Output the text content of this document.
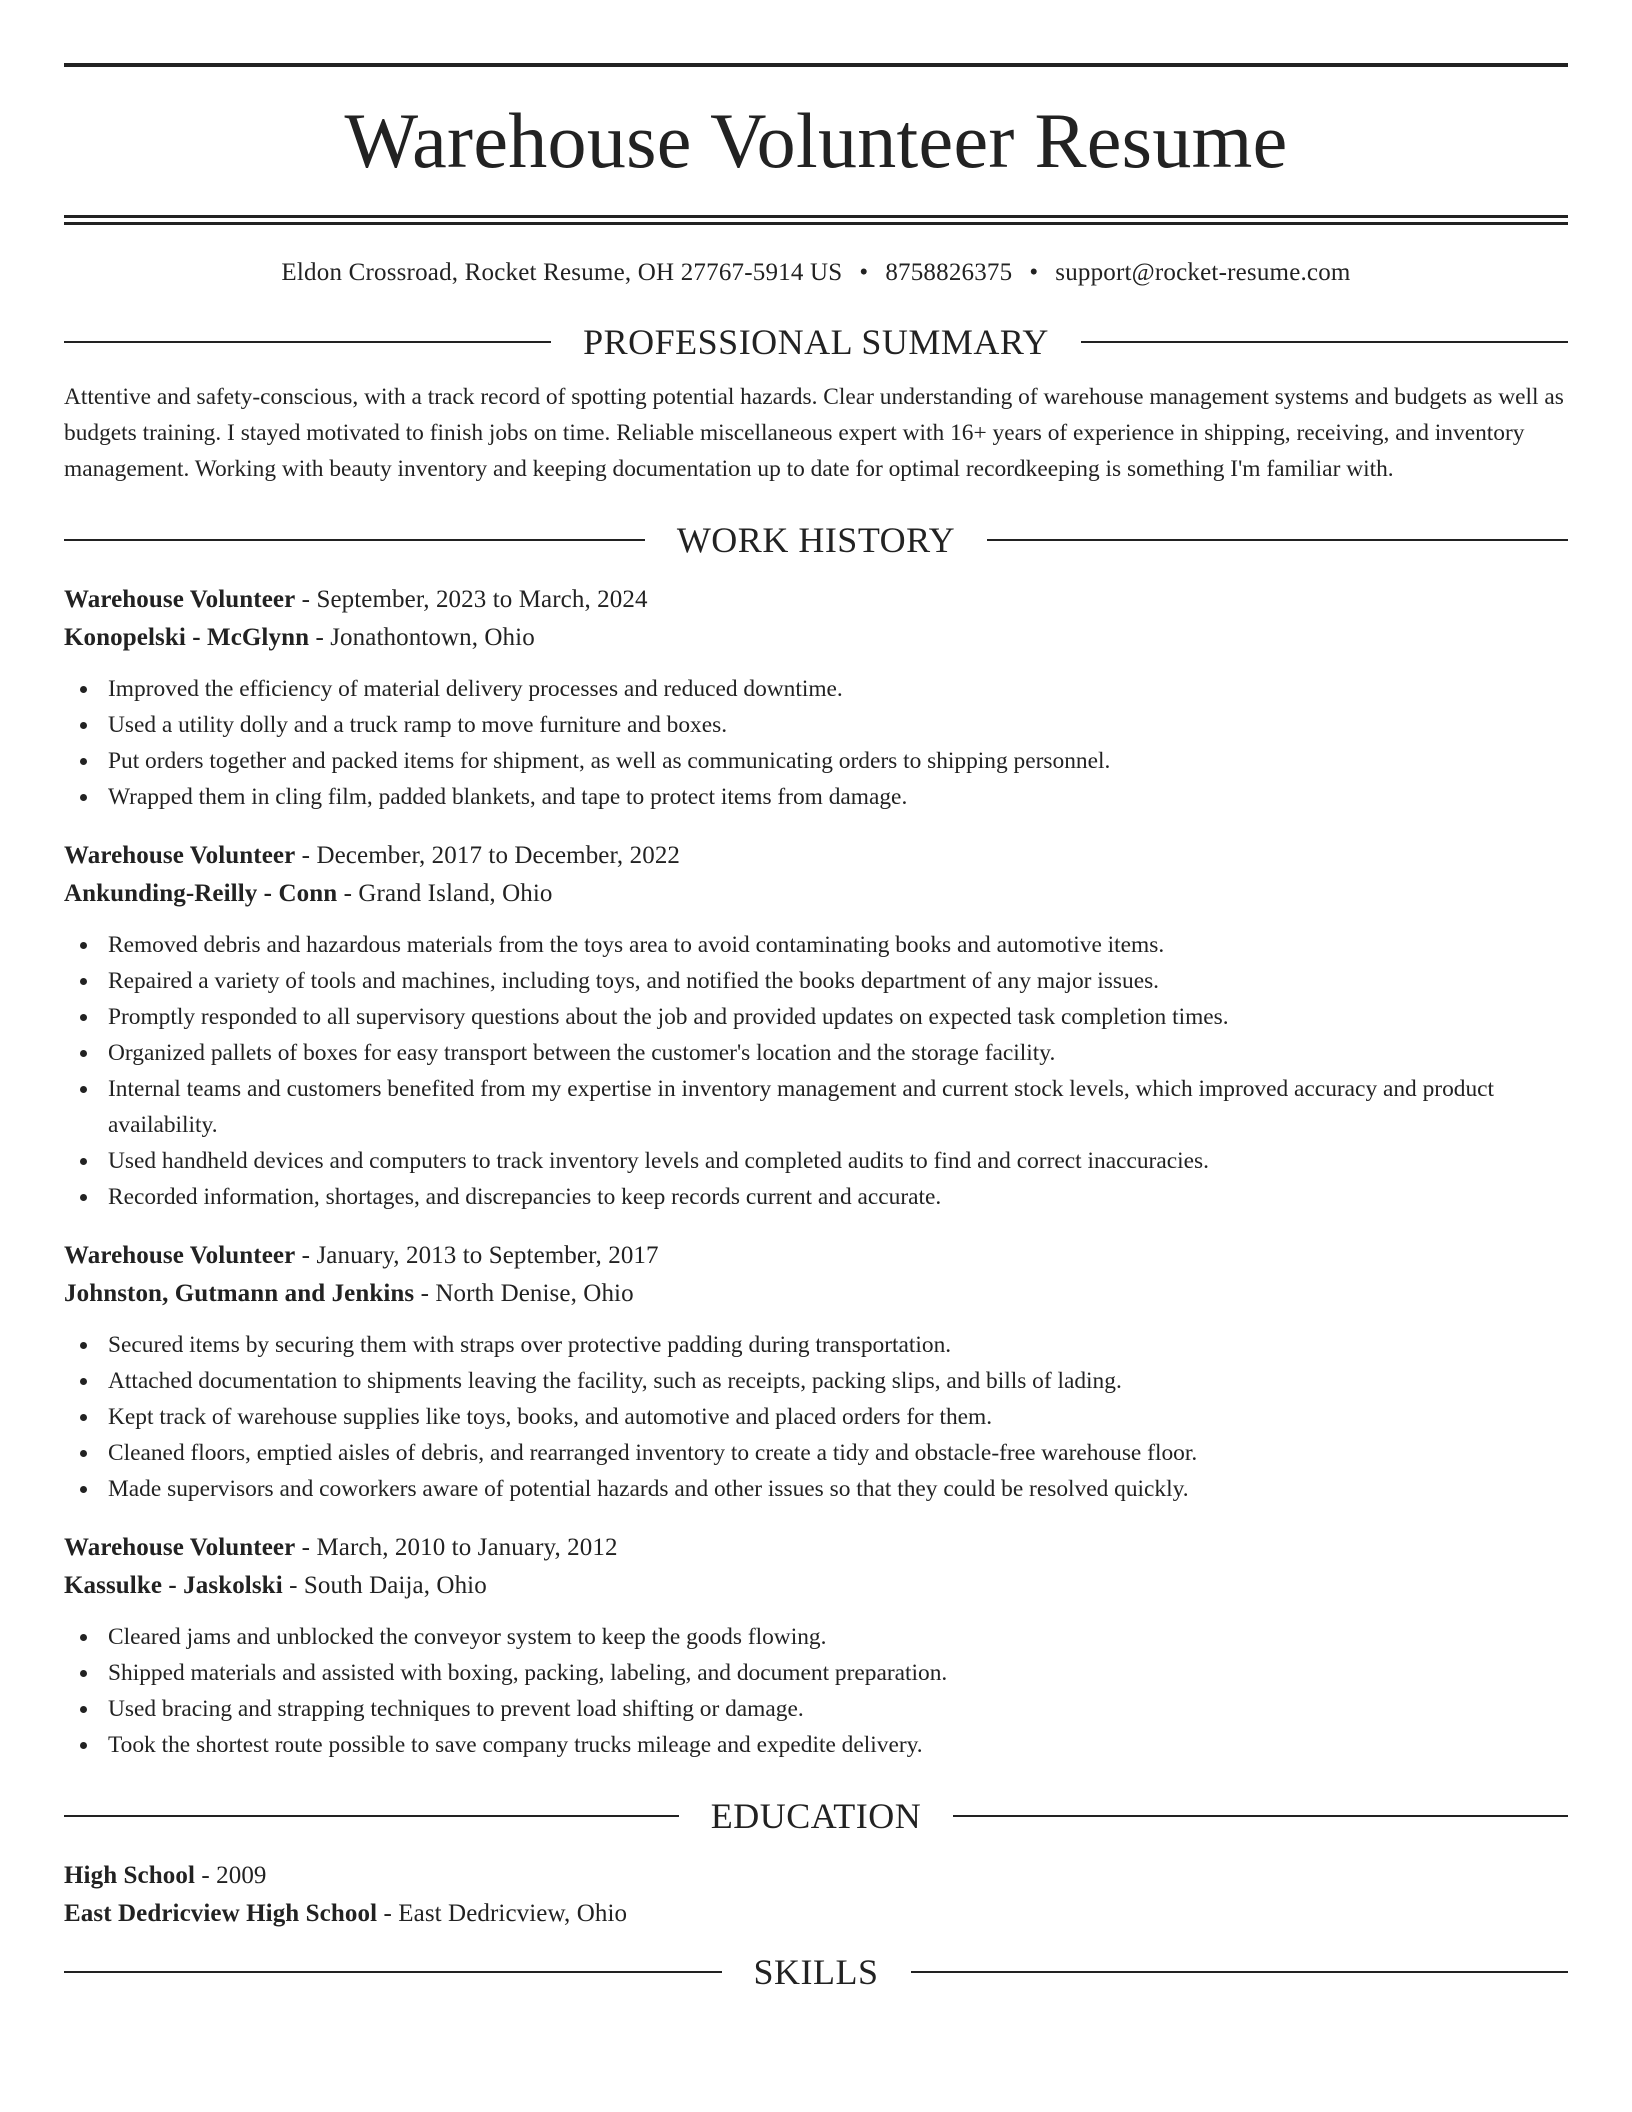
Warehouse Volunteer Resume
Eldon Crossroad, Rocket Resume, OH 27767-5914 US • 8758826375 • support@rocket-resume.com
PROFESSIONAL SUMMARY
Attentive and safety-conscious, with a track record of spotting potential hazards. Clear understanding of warehouse management systems and budgets as well as budgets training. I stayed motivated to finish jobs on time. Reliable miscellaneous expert with 16+ years of experience in shipping, receiving, and inventory management. Working with beauty inventory and keeping documentation up to date for optimal recordkeeping is something I'm familiar with.
WORK HISTORY
Warehouse Volunteer - September, 2023 to March, 2024
Konopelski - McGlynn - Jonathontown, Ohio
Improved the efficiency of material delivery processes and reduced downtime.
Used a utility dolly and a truck ramp to move furniture and boxes.
Put orders together and packed items for shipment, as well as communicating orders to shipping personnel.
Wrapped them in cling film, padded blankets, and tape to protect items from damage.
Warehouse Volunteer - December, 2017 to December, 2022
Ankunding-Reilly - Conn - Grand Island, Ohio
Removed debris and hazardous materials from the toys area to avoid contaminating books and automotive items.
Repaired a variety of tools and machines, including toys, and notified the books department of any major issues.
Promptly responded to all supervisory questions about the job and provided updates on expected task completion times.
Organized pallets of boxes for easy transport between the customer's location and the storage facility.
Internal teams and customers benefited from my expertise in inventory management and current stock levels, which improved accuracy and product availability.
Used handheld devices and computers to track inventory levels and completed audits to find and correct inaccuracies.
Recorded information, shortages, and discrepancies to keep records current and accurate.
Warehouse Volunteer - January, 2013 to September, 2017
Johnston, Gutmann and Jenkins - North Denise, Ohio
Secured items by securing them with straps over protective padding during transportation.
Attached documentation to shipments leaving the facility, such as receipts, packing slips, and bills of lading.
Kept track of warehouse supplies like toys, books, and automotive and placed orders for them.
Cleaned floors, emptied aisles of debris, and rearranged inventory to create a tidy and obstacle-free warehouse floor.
Made supervisors and coworkers aware of potential hazards and other issues so that they could be resolved quickly.
Warehouse Volunteer - March, 2010 to January, 2012
Kassulke - Jaskolski - South Daija, Ohio
Cleared jams and unblocked the conveyor system to keep the goods flowing.
Shipped materials and assisted with boxing, packing, labeling, and document preparation.
Used bracing and strapping techniques to prevent load shifting or damage.
Took the shortest route possible to save company trucks mileage and expedite delivery.
EDUCATION
High School - 2009
East Dedricview High School - East Dedricview, Ohio
SKILLS
